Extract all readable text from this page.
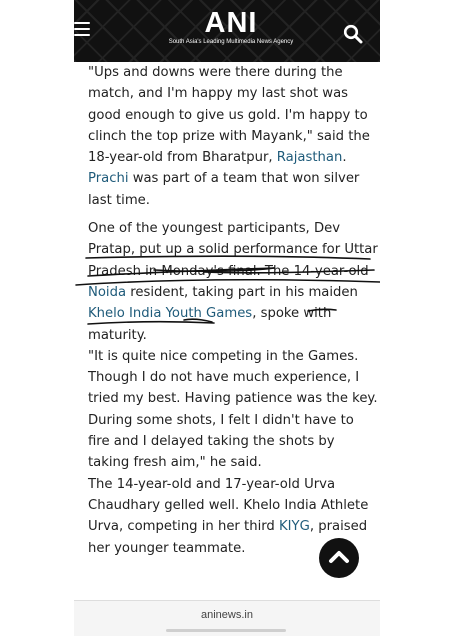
ANI
South Asia's Leading Multimedia News Agency

"Ups and downs were there during the match, and I'm happy my last shot was good enough to give us gold. I'm happy to clinch the top prize with Mayank," said the 18-year-old from Bharatpur, Rajasthan. Prachi was part of a team that won silver last time.

One of the youngest participants, Dev Pratap, put up a solid performance for Uttar Pradesh in Monday's final. The 14-year-old Noida resident, taking part in his maiden Khelo India Youth Games, spoke with maturity.

"It is quite nice competing in the Games. Though I do not have much experience, I tried my best. Having patience was the key. During some shots, I felt I didn't have to fire and I delayed taking the shots by taking fresh aim," he said.

The 14-year-old and 17-year-old Urva Chaudhary gelled well. Khelo India Athlete Urva, competing in her third KIYG, praised her younger teammate.

aninews.in
